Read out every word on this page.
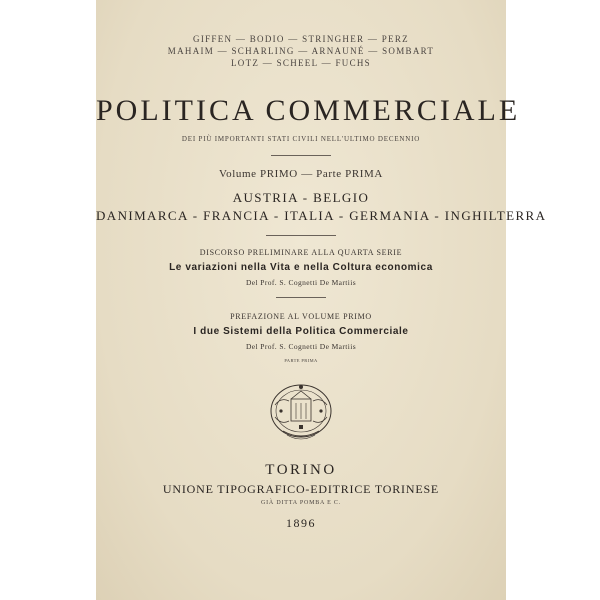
GIFFEN — BODIO — STRINGHER — PERZ
MAHAIM — SCHARLING — ARNAUNÉ — SOMBART
LOTZ — SCHEEL — FUCHS
POLITICA COMMERCIALE
DEI PIÙ IMPORTANTI STATI CIVILI NELL'ULTIMO DECENNIO
Volume PRIMO — Parte PRIMA
AUSTRIA - BELGIO
DANIMARCA - FRANCIA - ITALIA - GERMANIA - INGHILTERRA
DISCORSO PRELIMINARE ALLA QUARTA SERIE
Le variazioni nella Vita e nella Coltura economica
Del Prof. S. Cognetti De Martiis
PREFAZIONE AL VOLUME PRIMO
I due Sistemi della Politica Commerciale
Del Prof. S. Cognetti De Martiis
PARTE PRIMA
TORINO
UNIONE TIPOGRAFICO-EDITRICE TORINESE
GIÀ DITTA POMBA E C.
1896
